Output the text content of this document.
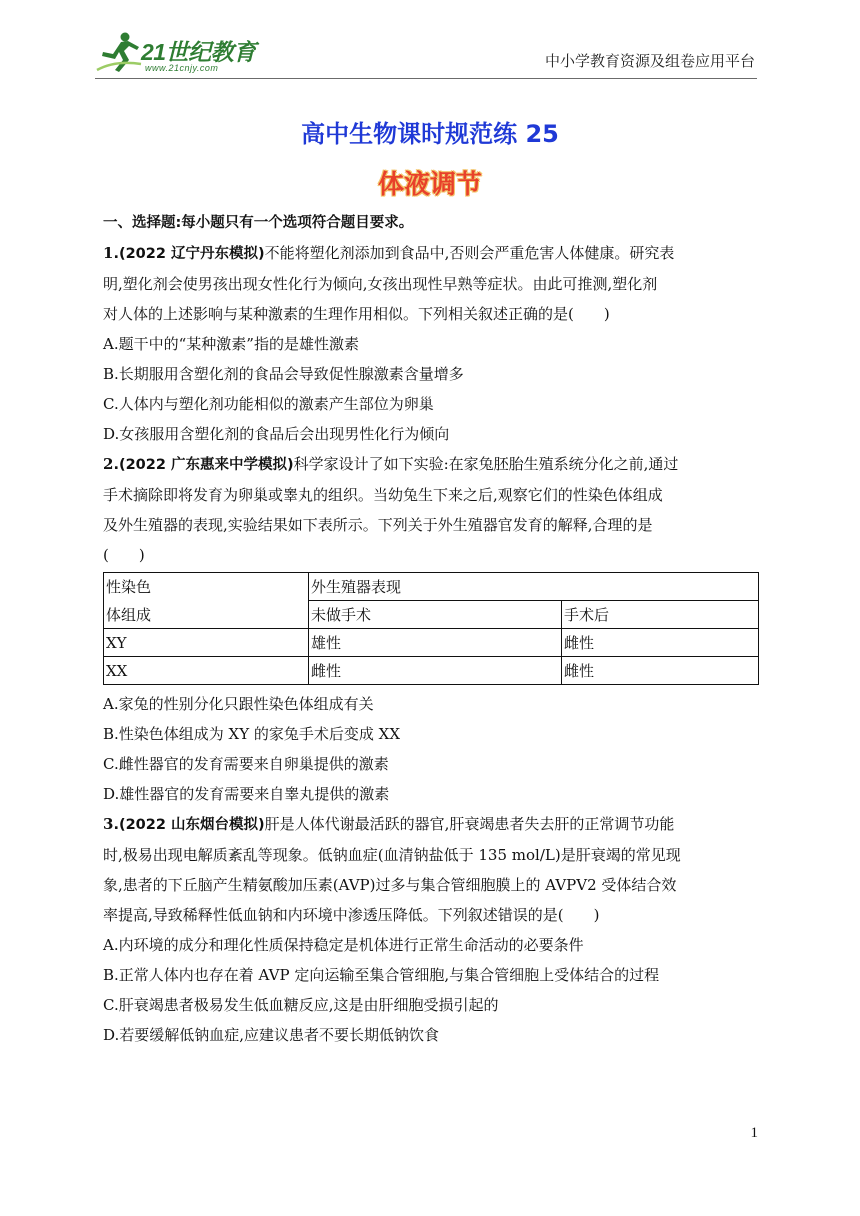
21世纪教育
www.21cnjy.com	中小学教育资源及组卷应用平台
高中生物课时规范练 25
体液调节
一、选择题:每小题只有一个选项符合题目要求。
1.(2022 辽宁丹东模拟)不能将塑化剂添加到食品中,否则会严重危害人体健康。研究表
明,塑化剂会使男孩出现女性化行为倾向,女孩出现性早熟等症状。由此可推测,塑化剂
对人体的上述影响与某种激素的生理作用相似。下列相关叙述正确的是(　　)
A.题干中的“某种激素”指的是雄性激素
B.长期服用含塑化剂的食品会导致促性腺激素含量增多
C.人体内与塑化剂功能相似的激素产生部位为卵巢
D.女孩服用含塑化剂的食品后会出现男性化行为倾向
2.(2022 广东惠来中学模拟)科学家设计了如下实验:在家兔胚胎生殖系统分化之前,通过
手术摘除即将发育为卵巢或睾丸的组织。当幼兔生下来之后,观察它们的性染色体组成
及外生殖器的表现,实验结果如下表所示。下列关于外生殖器官发育的解释,合理的是
(　　)
性染色	外生殖器表现	
体组成	未做手术	手术后
XY	雄性	雌性
XX	雌性	雌性
A.家兔的性别分化只跟性染色体组成有关
B.性染色体组成为 XY 的家兔手术后变成 XX
C.雌性器官的发育需要来自卵巢提供的激素
D.雄性器官的发育需要来自睾丸提供的激素
3.(2022 山东烟台模拟)肝是人体代谢最活跃的器官,肝衰竭患者失去肝的正常调节功能
时,极易出现电解质紊乱等现象。低钠血症(血清钠盐低于 135 mol/L)是肝衰竭的常见现
象,患者的下丘脑产生精氨酸加压素(AVP)过多与集合管细胞膜上的 AVPV2 受体结合效
率提高,导致稀释性低血钠和内环境中渗透压降低。下列叙述错误的是(　　)
A.内环境的成分和理化性质保持稳定是机体进行正常生命活动的必要条件
B.正常人体内也存在着 AVP 定向运输至集合管细胞,与集合管细胞上受体结合的过程
C.肝衰竭患者极易发生低血糖反应,这是由肝细胞受损引起的
D.若要缓解低钠血症,应建议患者不要长期低钠饮食
1
